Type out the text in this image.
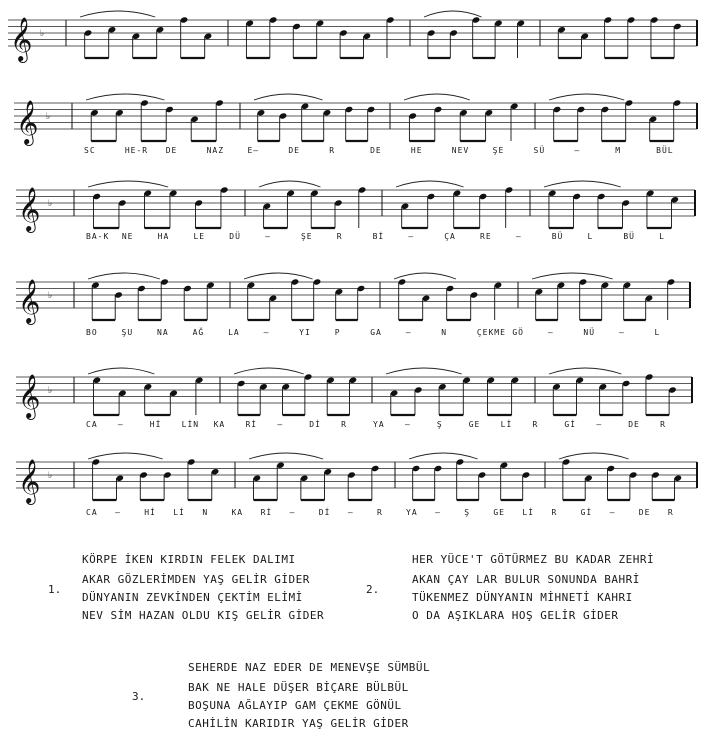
𝄞 ♭
𝄞 ♭
SC	HE-R DE	NAZ	E—	DE	R	DE	HE	NEV	ŞE	SÜ	—	M	BÜL
𝄞 ♭
BA-K NE	HA	LE	DÜ	—	ŞE	R	Bİ	—	ÇA	RE	—	BÜ	L	BÜ	L
𝄞 ♭
BO	ŞU	NA	AĞ	LA	—	YI	P	GA	—	N	ÇEKME GÖ	—	NÜ	—	L
𝄞 ♭
CA	—	Hİ	LİN KA	Rİ	—	Dİ	R	YA	—	Ş	GE	Lİ	R	Gİ	—	DE	R
𝄞 ♭
CA —	Hİ Lİ N	KA Rİ —	Dİ —	R	YA —	Ş	GE Lİ R	Gİ —	DE R
1.
KÖRPE İKEN KIRDIN FELEK DALIMI
AKAR GÖZLERİMDEN YAŞ GELİR GİDER
DÜNYANIN ZEVKİNDEN ÇEKTİM ELİMİ
NEV SİM HAZAN OLDU KIŞ GELİR GİDER
2.
HER YÜCE'T GÖTÜRMEZ BU KADAR ZEHRİ
AKAN ÇAY LAR BULUR SONUNDA BAHRİ
TÜKENMEZ DÜNYANIN MİHNETİ KAHRI
O DA AŞIKLARA HOŞ GELİR GİDER
3.
SEHERDE NAZ EDER DE MENEVŞE SÜMBÜL
BAK NE HALE DÜŞER BİÇARE BÜLBÜL
BOŞUNA AĞLAYIP GAM ÇEKME GÖNÜL
CAHİLİN KARIDIR YAŞ GELİR GİDER
